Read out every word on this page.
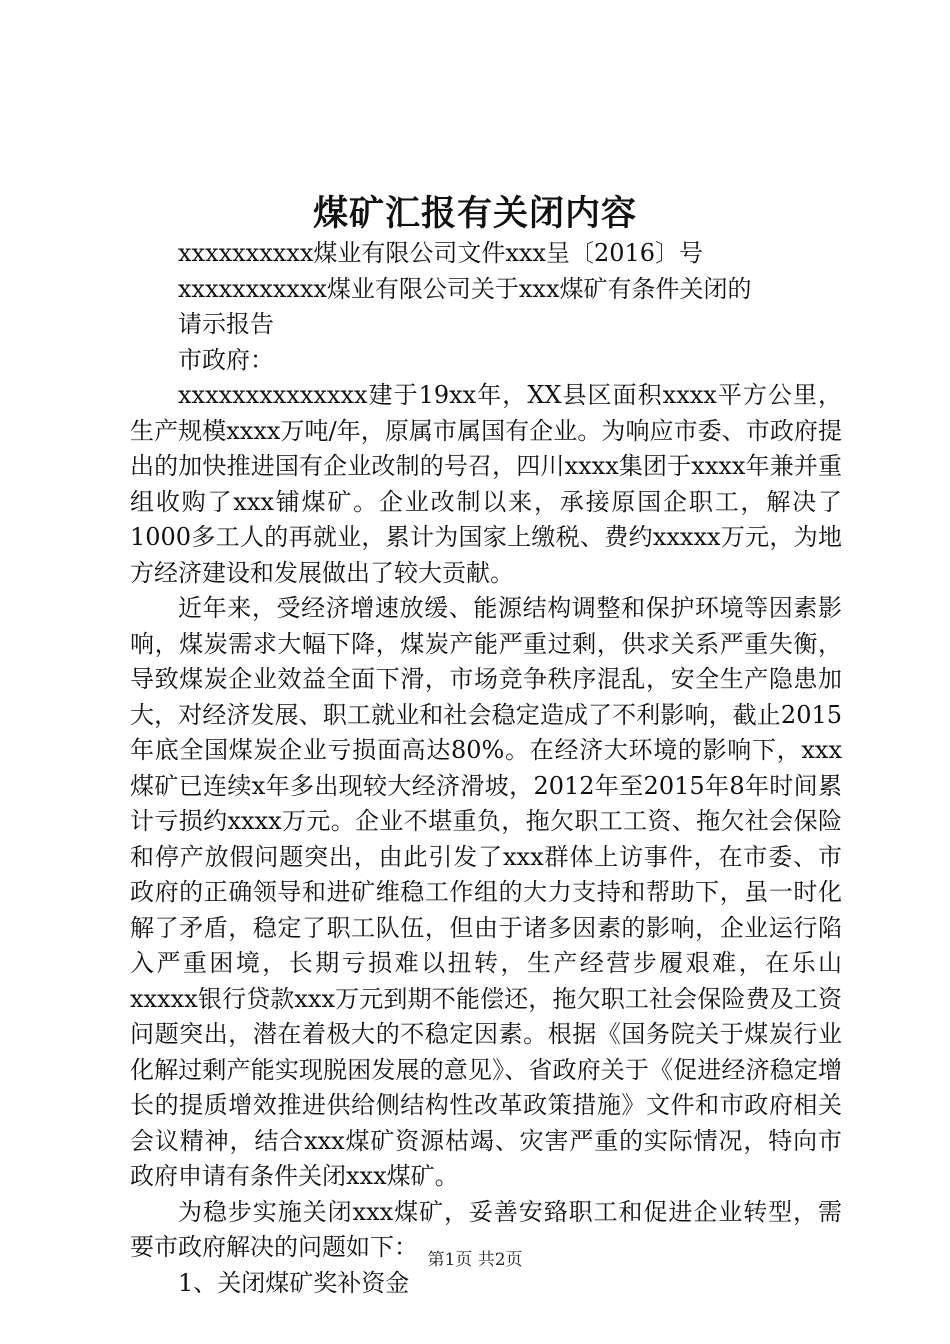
煤矿汇报有关闭内容

xxxxxxxxxx煤业有限公司文件xxx呈〔2016〕号

xxxxxxxxxxx煤业有限公司关于xxx煤矿有条件关闭的

请示报告

市政府：

xxxxxxxxxxxxxx建于19xx年，XX县区面积xxxx平方公里，生产规模xxxx万吨/年，原属市属国有企业。为响应市委、市政府提出的加快推进国有企业改制的号召，四川xxxx集团于xxxx年兼并重组收购了xxx铺煤矿。企业改制以来，承接原国企职工，解决了1000多工人的再就业，累计为国家上缴税、费约xxxxx万元，为地方经济建设和发展做出了较大贡献。

近年来，受经济增速放缓、能源结构调整和保护环境等因素影响，煤炭需求大幅下降，煤炭产能严重过剩，供求关系严重失衡，导致煤炭企业效益全面下滑，市场竞争秩序混乱，安全生产隐患加大，对经济发展、职工就业和社会稳定造成了不利影响，截止2015年底全国煤炭企业亏损面高达80%。在经济大环境的影响下，xxx煤矿已连续x年多出现较大经济滑坡，2012年至2015年8年时间累计亏损约xxxx万元。企业不堪重负，拖欠职工工资、拖欠社会保险和停产放假问题突出，由此引发了xxx群体上访事件，在市委、市政府的正确领导和进矿维稳工作组的大力支持和帮助下，虽一时化解了矛盾，稳定了职工队伍，但由于诸多因素的影响，企业运行陷入严重困境，长期亏损难以扭转，生产经营步履艰难，在乐山xxxxx银行贷款xxx万元到期不能偿还，拖欠职工社会保险费及工资问题突出，潜在着极大的不稳定因素。根据《国务院关于煤炭行业化解过剩产能实现脱困发展的意见》、省政府关于《促进经济稳定增长的提质增效推进供给侧结构性改革政策措施》文件和市政府相关会议精神，结合xxx煤矿资源枯竭、灾害严重的实际情况，特向市政府申请有条件关闭xxx煤矿。

为稳步实施关闭xxx煤矿，妥善安臵职工和促进企业转型，需要市政府解决的问题如下：

1、关闭煤矿奖补资金

第1页 共2页
